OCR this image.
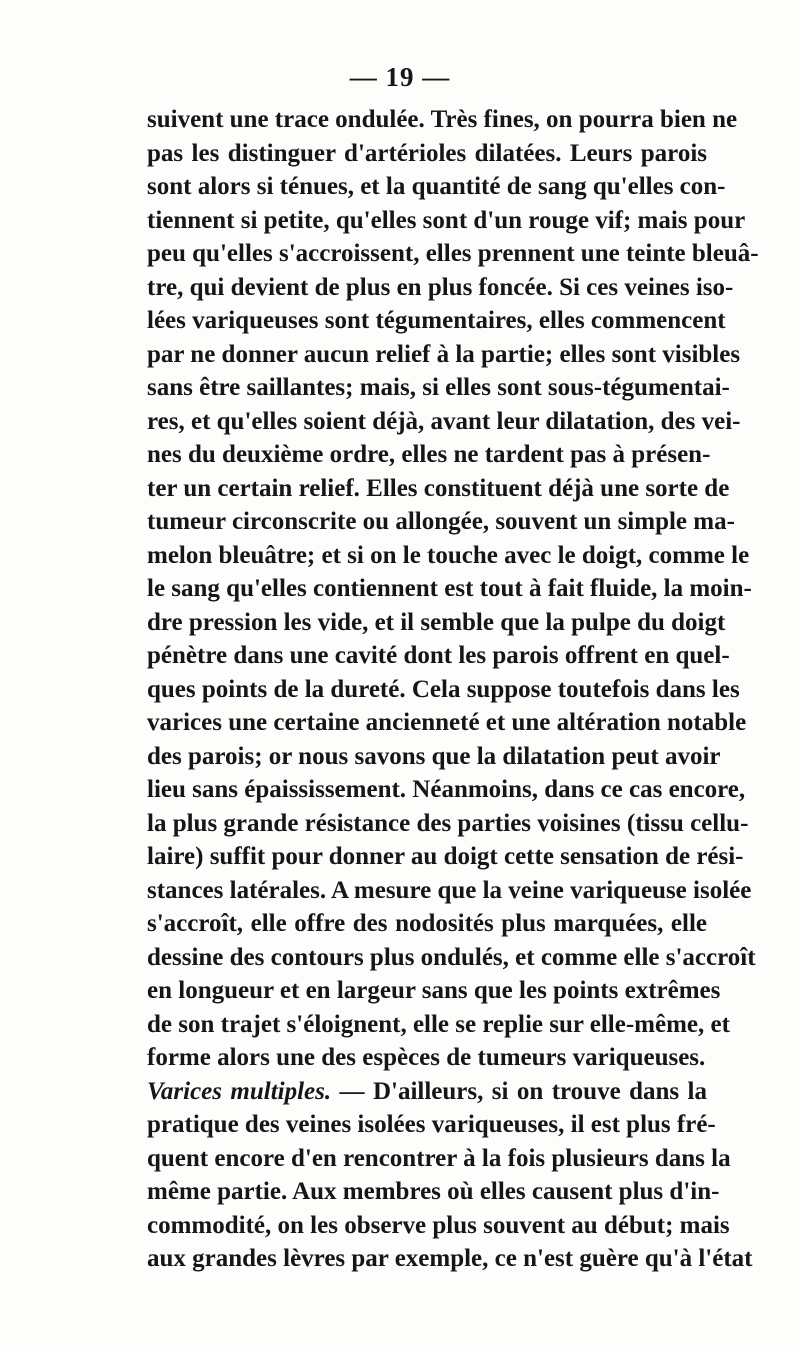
— 19 —
suivent une trace ondulée. Très fines, on pourra bien ne
pas les distinguer d'artérioles dilatées. Leurs parois
sont alors si ténues, et la quantité de sang qu'elles con-
tiennent si petite, qu'elles sont d'un rouge vif; mais pour
peu qu'elles s'accroissent, elles prennent une teinte bleuâ-
tre, qui devient de plus en plus foncée. Si ces veines iso-
lées variqueuses sont tégumentaires, elles commencent
par ne donner aucun relief à la partie; elles sont visibles
sans être saillantes; mais, si elles sont sous-tégumentai-
res, et qu'elles soient déjà, avant leur dilatation, des vei-
nes du deuxième ordre, elles ne tardent pas à présen-
ter un certain relief. Elles constituent déjà une sorte de
tumeur circonscrite ou allongée, souvent un simple ma-
melon bleuâtre; et si on le touche avec le doigt, comme le
le sang qu'elles contiennent est tout à fait fluide, la moin-
dre pression les vide, et il semble que la pulpe du doigt
pénètre dans une cavité dont les parois offrent en quel-
ques points de la dureté. Cela suppose toutefois dans les
varices une certaine ancienneté et une altération notable
des parois; or nous savons que la dilatation peut avoir
lieu sans épaississement. Néanmoins, dans ce cas encore,
la plus grande résistance des parties voisines (tissu cellu-
laire) suffit pour donner au doigt cette sensation de rési-
stances latérales. A mesure que la veine variqueuse isolée
s'accroît, elle offre des nodosités plus marquées, elle
dessine des contours plus ondulés, et comme elle s'accroît
en longueur et en largeur sans que les points extrêmes
de son trajet s'éloignent, elle se replie sur elle-même, et
forme alors une des espèces de tumeurs variqueuses.
Varices multiples. — D'ailleurs, si on trouve dans la
pratique des veines isolées variqueuses, il est plus fré-
quent encore d'en rencontrer à la fois plusieurs dans la
même partie. Aux membres où elles causent plus d'in-
commodité, on les observe plus souvent au début; mais
aux grandes lèvres par exemple, ce n'est guère qu'à l'état
